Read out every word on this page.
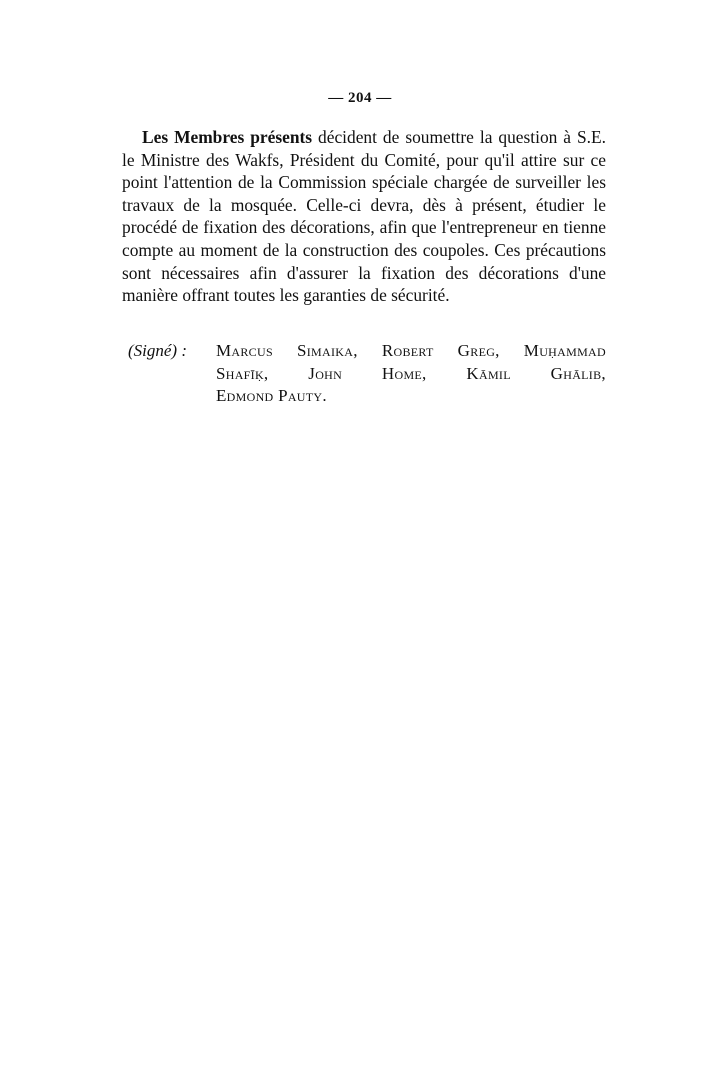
— 204 —

Les Membres présents décident de soumettre la question à S.E. le Ministre des Wakfs, Président du Comité, pour qu'il attire sur ce point l'attention de la Commission spéciale chargée de surveiller les travaux de la mosquée. Celle-ci devra, dès à présent, étudier le procédé de fixation des décorations, afin que l'entrepreneur en tienne compte au moment de la construction des coupoles. Ces précautions sont nécessaires afin d'assurer la fixation des décorations d'une manière offrant toutes les garanties de sécurité.

(Signé) : Marcus Simaika, Robert Greg, Muḥammad
Shafīḳ, John Home, Kāmil Ghālib,
Edmond Pauty.
